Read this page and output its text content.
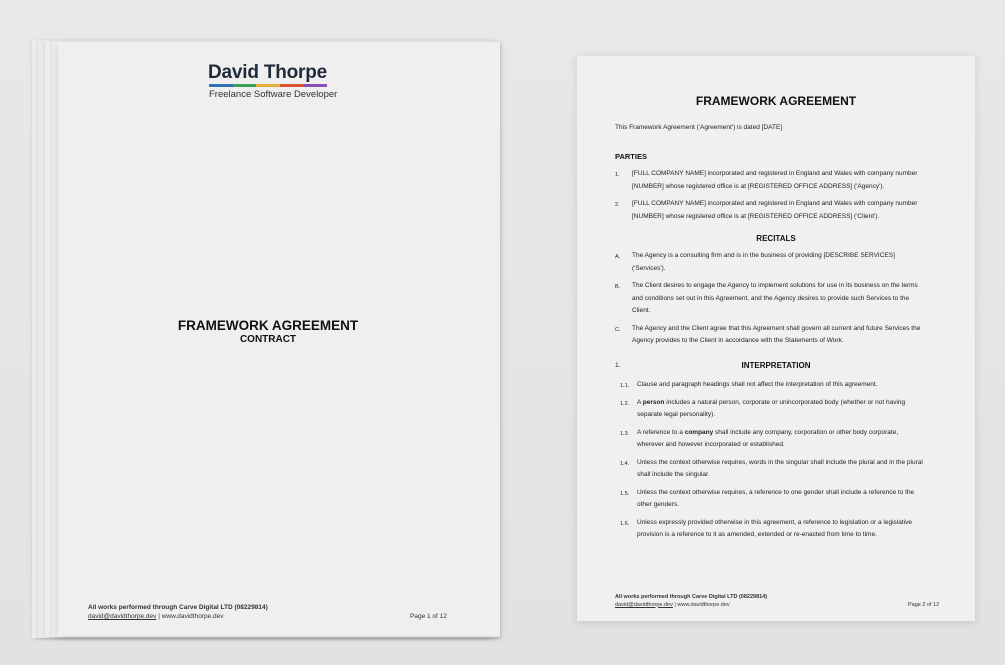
David Thorpe
Freelance Software Developer
FRAMEWORK AGREEMENT
CONTRACT
All works performed through Carve Digital LTD (08229814)
david@davidthorpe.dev | www.davidthorpe.dev	Page 1 of 12
FRAMEWORK AGREEMENT
This Framework Agreement ('Agreement') is dated [DATE]
PARTIES
1. [FULL COMPANY NAME] incorporated and registered in England and Wales with company number
[NUMBER] whose registered office is at [REGISTERED OFFICE ADDRESS] ('Agency').
2. [FULL COMPANY NAME] incorporated and registered in England and Wales with company number
[NUMBER] whose registered office is at [REGISTERED OFFICE ADDRESS] ('Client').
RECITALS
A. The Agency is a consulting firm and is in the business of providing [DESCRIBE SERVICES]
('Services').
B. The Client desires to engage the Agency to implement solutions for use in its business on the terms
and conditions set out in this Agreement, and the Agency desires to provide such Services to the
Client.
C. The Agency and the Client agree that this Agreement shall govern all current and future Services the
Agency provides to the Client in accordance with the Statements of Work.
1.	INTERPRETATION
1.1. Clause and paragraph headings shall not affect the interpretation of this agreement.
1.2. A person includes a natural person, corporate or unincorporated body (whether or not having
separate legal personality).
1.3. A reference to a company shall include any company, corporation or other body corporate,
wherever and however incorporated or established.
1.4. Unless the context otherwise requires, words in the singular shall include the plural and in the plural
shall include the singular.
1.5. Unless the context otherwise requires, a reference to one gender shall include a reference to the
other genders.
1.6. Unless expressly provided otherwise in this agreement, a reference to legislation or a legislative
provision is a reference to it as amended, extended or re-enacted from time to time.
All works performed through Carve Digital LTD (08229814)
david@davidthorpe.dev | www.davidthorpe.dev	Page 2 of 12
